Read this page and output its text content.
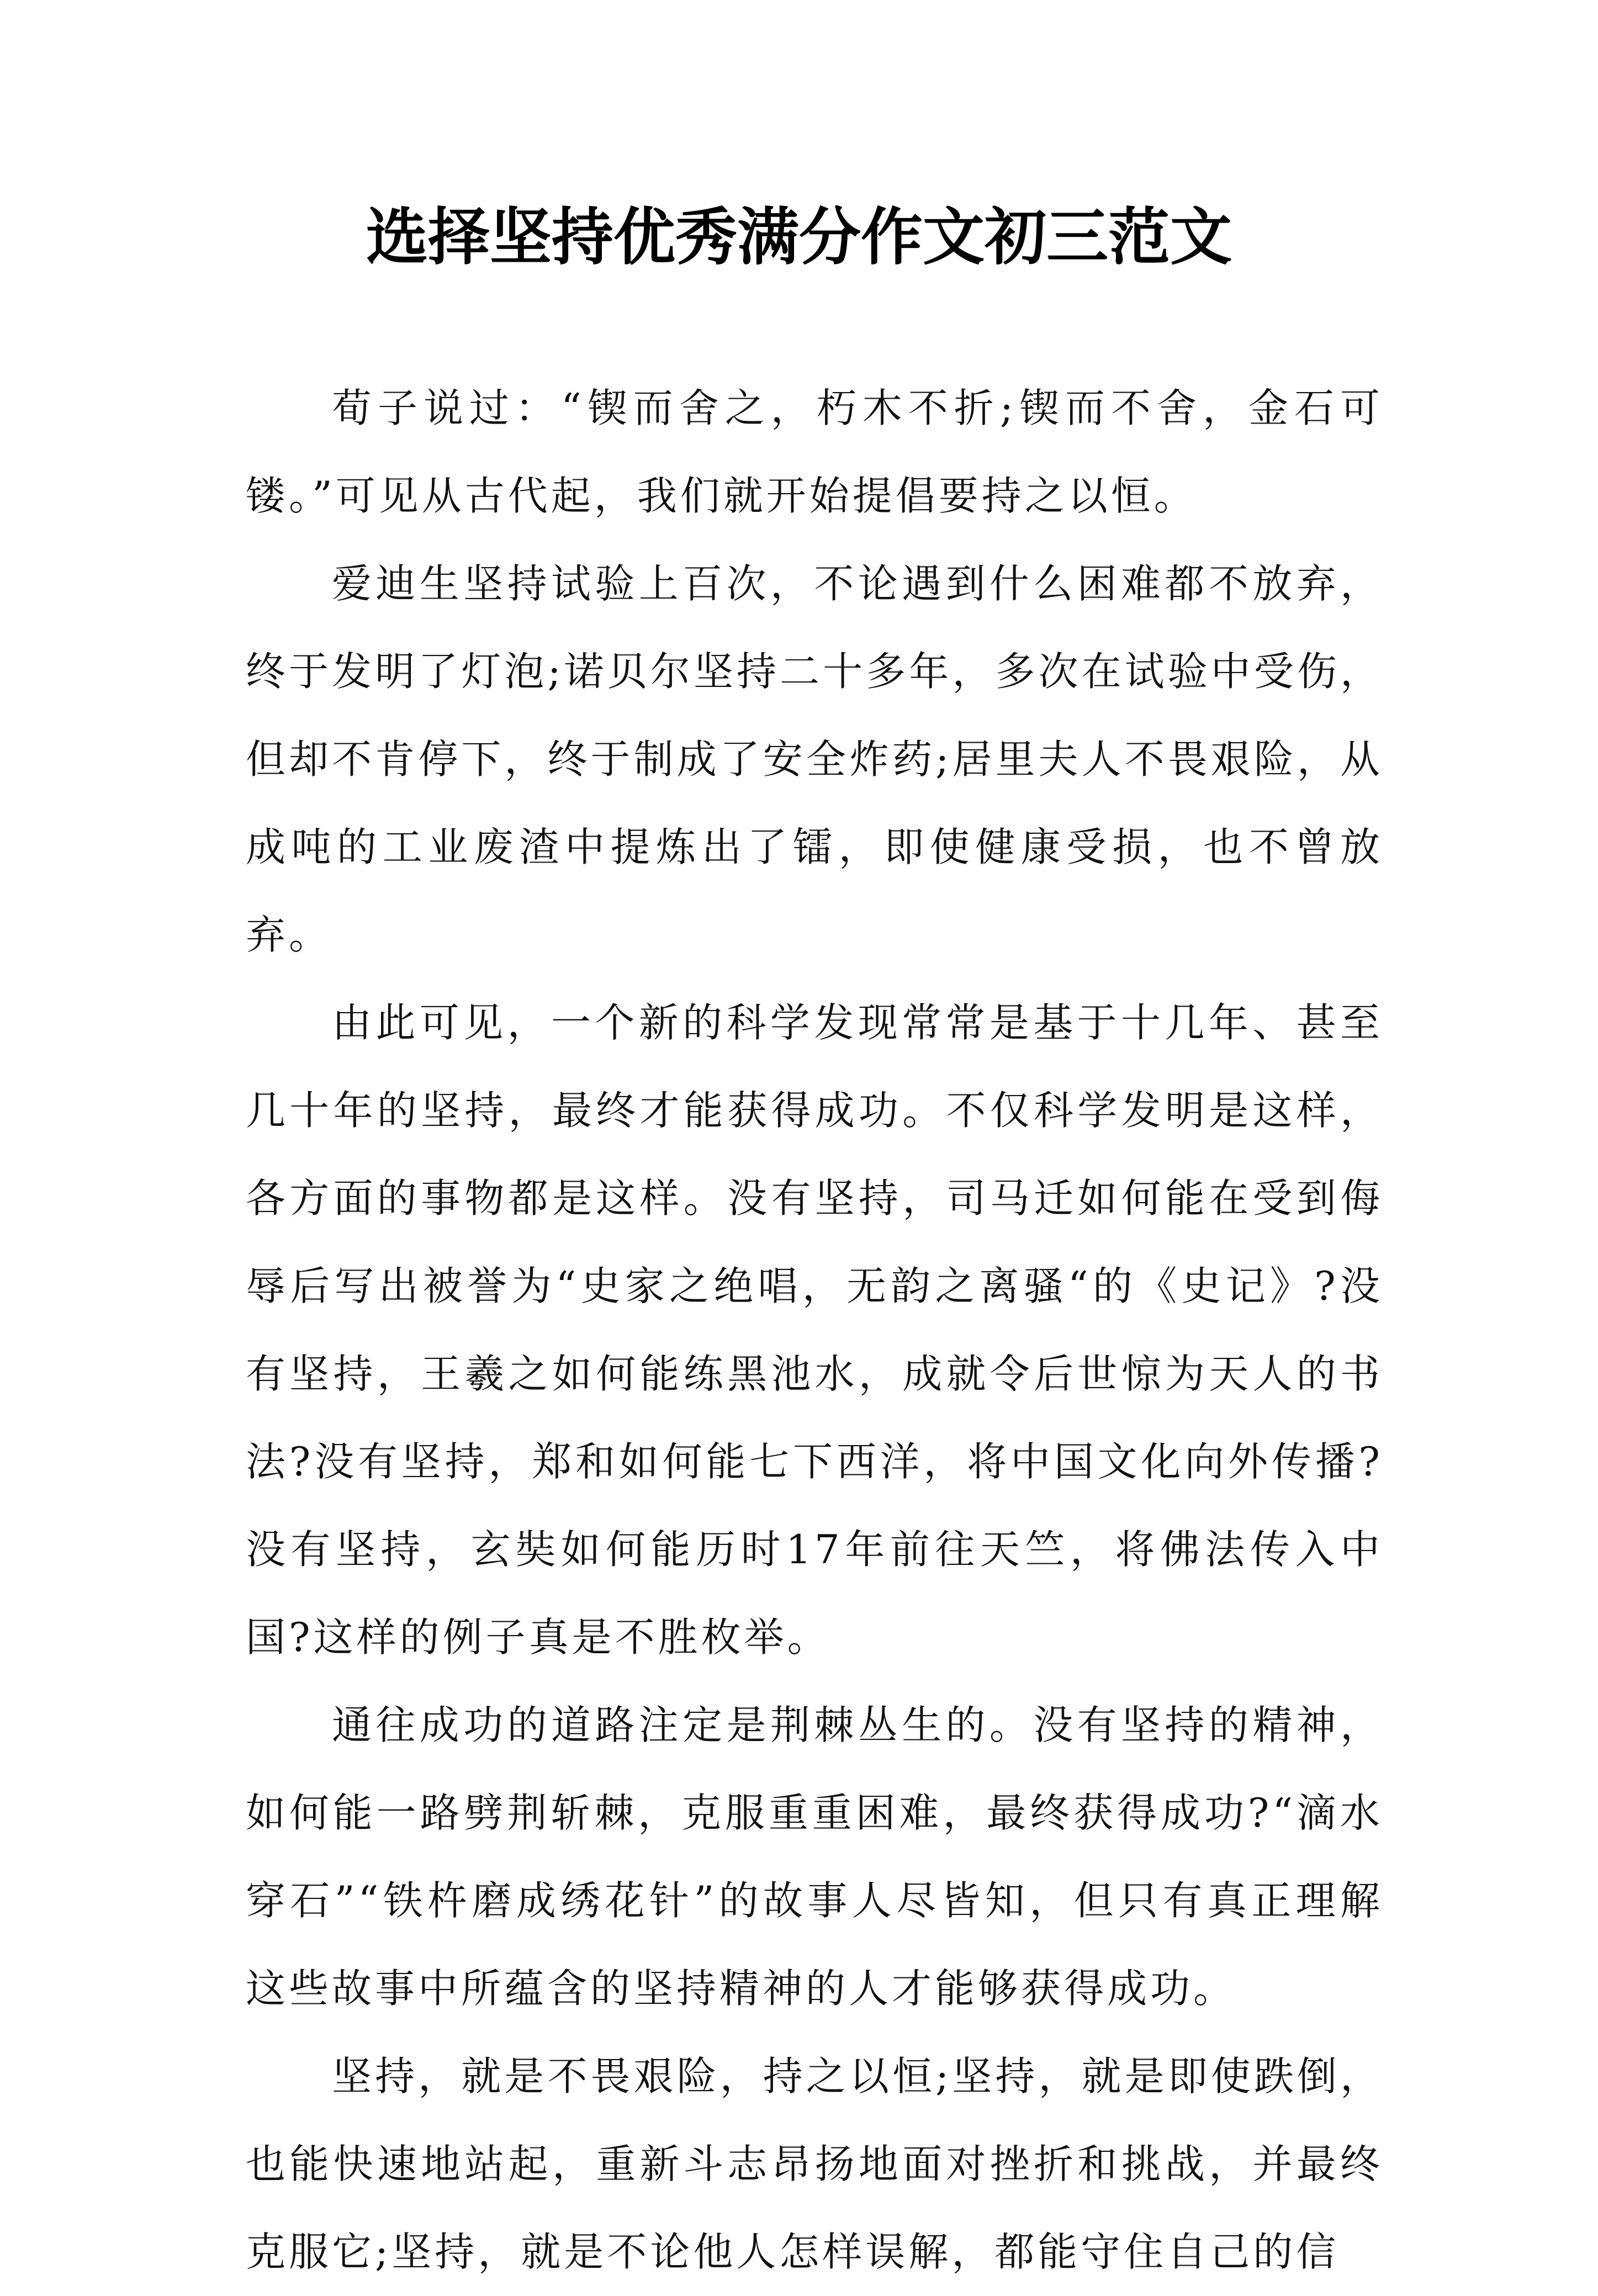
选择坚持优秀满分作文初三范文

荀子说过：“锲而舍之，朽木不折;锲而不舍，金石可镂。”可见从古代起，我们就开始提倡要持之以恒。

爱迪生坚持试验上百次，不论遇到什么困难都不放弃，终于发明了灯泡;诺贝尔坚持二十多年，多次在试验中受伤，但却不肯停下，终于制成了安全炸药;居里夫人不畏艰险，从成吨的工业废渣中提炼出了镭，即使健康受损，也不曾放弃。

由此可见，一个新的科学发现常常是基于十几年、甚至几十年的坚持，最终才能获得成功。不仅科学发明是这样，各方面的事物都是这样。没有坚持，司马迁如何能在受到侮辱后写出被誉为“史家之绝唱，无韵之离骚“的《史记》?没有坚持，王羲之如何能练黑池水，成就令后世惊为天人的书法?没有坚持，郑和如何能七下西洋，将中国文化向外传播?没有坚持，玄奘如何能历时17年前往天竺，将佛法传入中国?这样的例子真是不胜枚举。

通往成功的道路注定是荆棘丛生的。没有坚持的精神，如何能一路劈荆斩棘，克服重重困难，最终获得成功?“滴水穿石”“铁杵磨成绣花针”的故事人尽皆知，但只有真正理解这些故事中所蕴含的坚持精神的人才能够获得成功。

坚持，就是不畏艰险，持之以恒;坚持，就是即使跌倒，也能快速地站起，重新斗志昂扬地面对挫折和挑战，并最终克服它;坚持，就是不论他人怎样误解，都能守住自己的信
